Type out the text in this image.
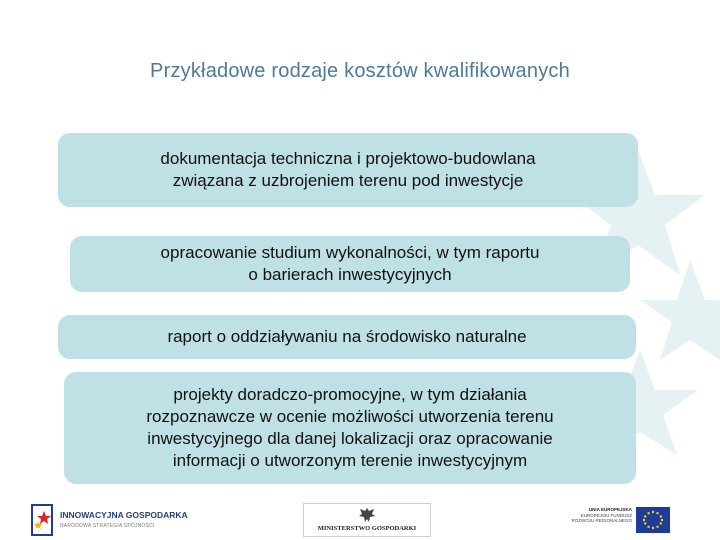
Przykładowe rodzaje kosztów kwalifikowanych
dokumentacja techniczna i projektowo-budowlana
związana z uzbrojeniem terenu pod inwestycje
opracowanie studium wykonalności, w tym raportu
o barierach inwestycyjnych
raport o oddziaływaniu na środowisko naturalne
projekty doradczo-promocyjne, w tym działania
rozpoznawcze w ocenie możliwości utworzenia terenu
inwestycyjnego dla danej lokalizacji oraz opracowanie
informacji o utworzonym terenie inwestycyjnym
INNOWACYJNA GOSPODARKA
NARODOWA STRATEGIA SPÓJNOŚCI	MINISTERSTWO GOSPODARKI
UNIA EUROPEJSKA
EUROPEJSKI FUNDUSZ
ROZWOJU REGIONALNEGO
